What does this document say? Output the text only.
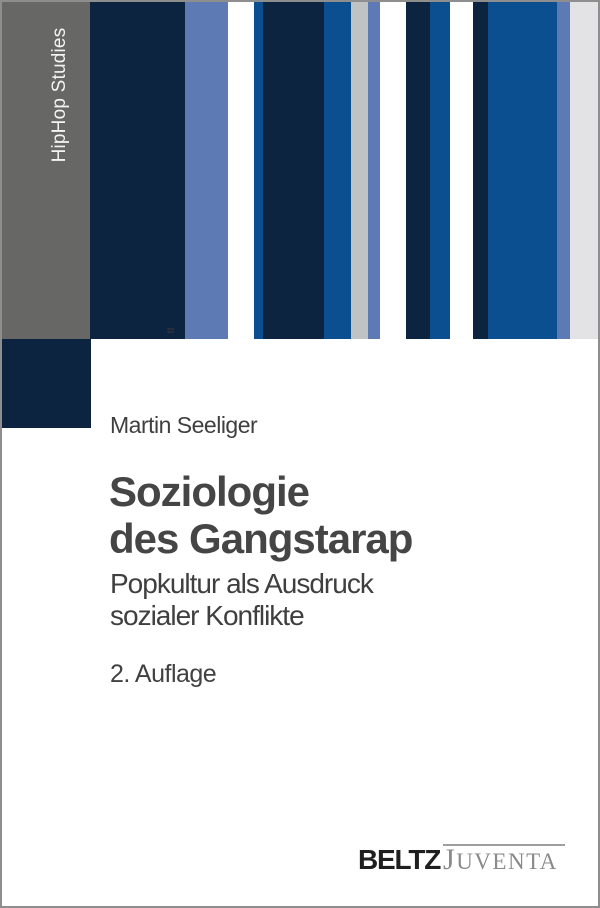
HipHop Studies
ſſ
Martin Seeliger
Soziologie
des Gangstarap
Popkultur als Ausdruck
sozialer Konflikte
2. Auflage
BELTZ JUVENTA
